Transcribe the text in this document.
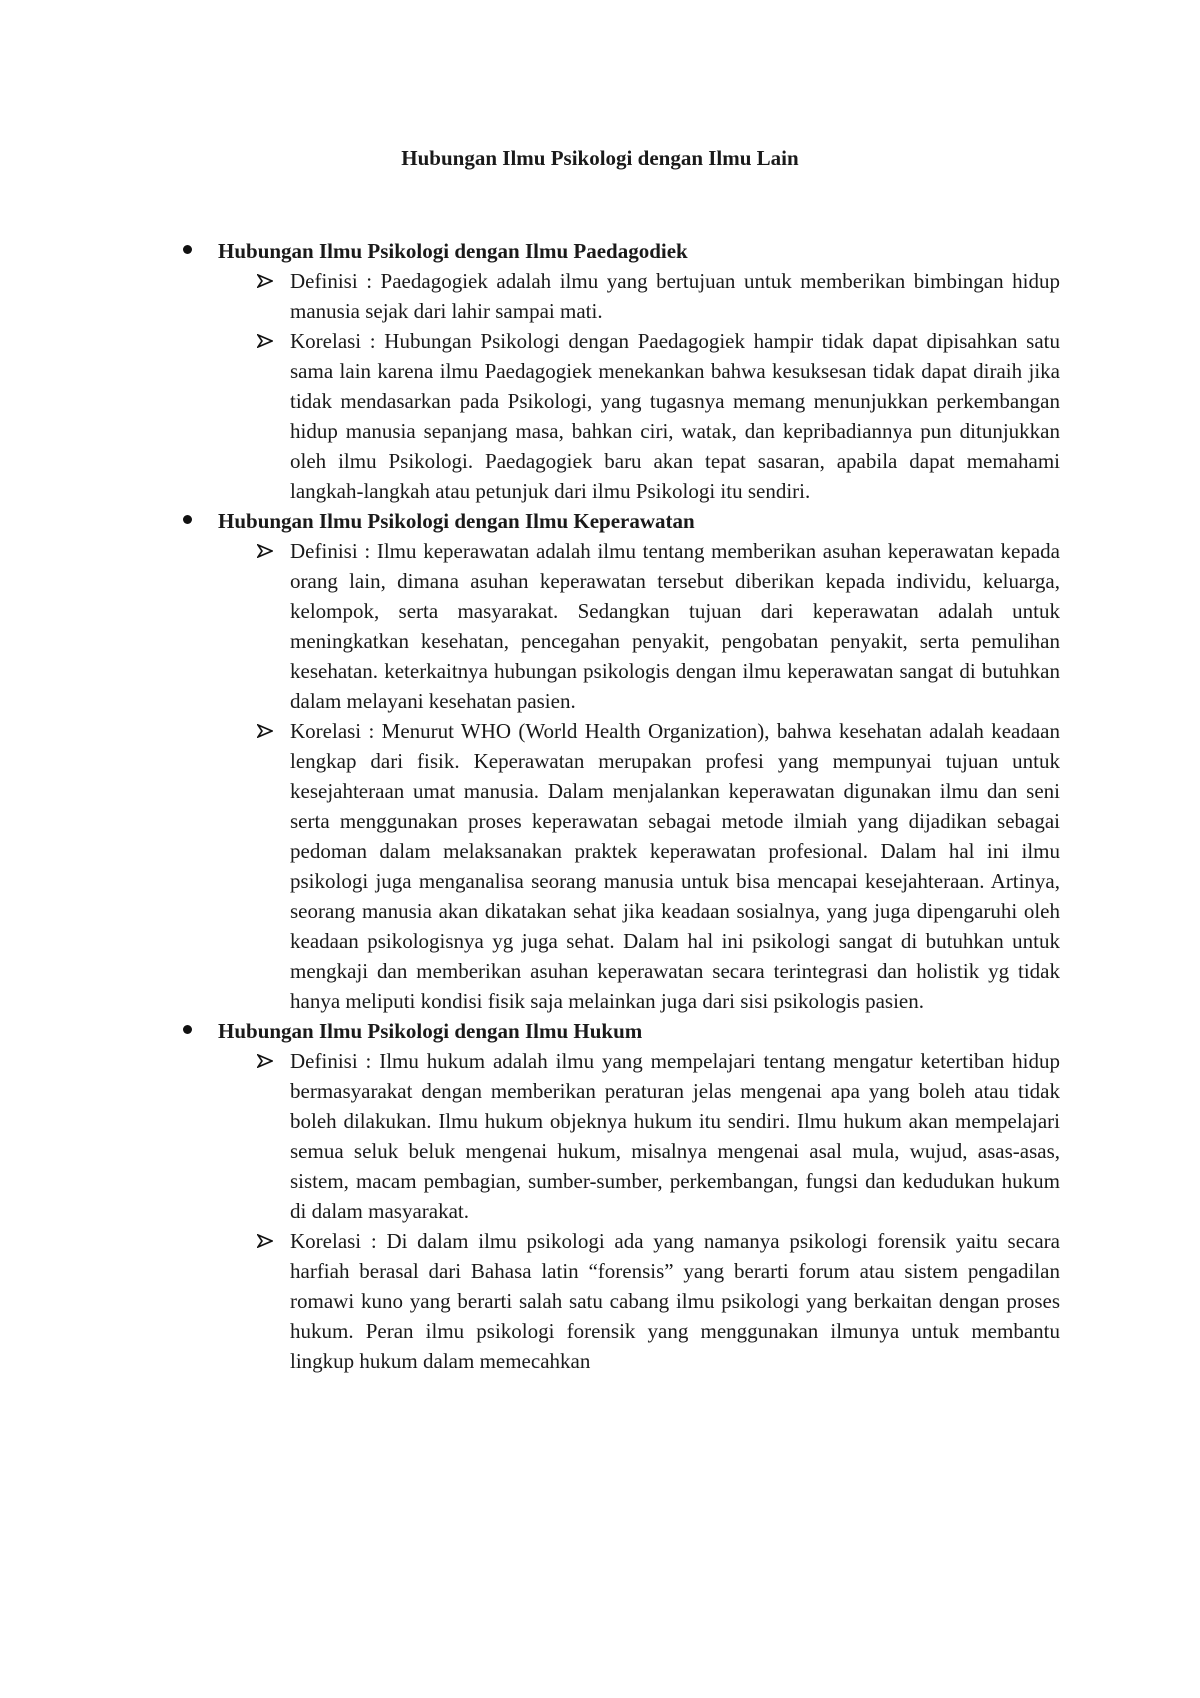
Hubungan Ilmu Psikologi dengan Ilmu Lain

Hubungan Ilmu Psikologi dengan Ilmu Paedagodiek

Definisi : Paedagogiek adalah ilmu yang bertujuan untuk memberikan bimbingan hidup manusia sejak dari lahir sampai mati.
Korelasi : Hubungan Psikologi dengan Paedagogiek hampir tidak dapat dipisahkan satu sama lain karena ilmu Paedagogiek menekankan bahwa kesuksesan tidak dapat diraih jika tidak mendasarkan pada Psikologi, yang tugasnya memang menunjukkan perkembangan hidup manusia sepanjang masa, bahkan ciri, watak, dan kepribadiannya pun ditunjukkan oleh ilmu Psikologi. Paedagogiek baru akan tepat sasaran, apabila dapat memahami langkah-langkah atau petunjuk dari ilmu Psikologi itu sendiri.

Hubungan Ilmu Psikologi dengan Ilmu Keperawatan

Definisi : Ilmu keperawatan adalah ilmu tentang memberikan asuhan keperawatan kepada orang lain, dimana asuhan keperawatan tersebut diberikan kepada individu, keluarga, kelompok, serta masyarakat. Sedangkan tujuan dari keperawatan adalah untuk meningkatkan kesehatan, pencegahan penyakit, pengobatan penyakit, serta pemulihan kesehatan. keterkaitnya hubungan psikologis dengan ilmu keperawatan sangat di butuhkan dalam melayani kesehatan pasien.
Korelasi : Menurut WHO (World Health Organization), bahwa kesehatan adalah keadaan lengkap dari fisik. Keperawatan merupakan profesi yang mempunyai tujuan untuk kesejahteraan umat manusia. Dalam menjalankan keperawatan digunakan ilmu dan seni serta menggunakan proses keperawatan sebagai metode ilmiah yang dijadikan sebagai pedoman dalam melaksanakan praktek keperawatan profesional. Dalam hal ini ilmu psikologi juga menganalisa seorang manusia untuk bisa mencapai kesejahteraan. Artinya, seorang manusia akan dikatakan sehat jika keadaan sosialnya, yang juga dipengaruhi oleh keadaan psikologisnya yg juga sehat. Dalam hal ini psikologi sangat di butuhkan untuk mengkaji dan memberikan asuhan keperawatan secara terintegrasi dan holistik yg tidak hanya meliputi kondisi fisik saja melainkan juga dari sisi psikologis pasien.

Hubungan Ilmu Psikologi dengan Ilmu Hukum

Definisi : Ilmu hukum adalah ilmu yang mempelajari tentang mengatur ketertiban hidup bermasyarakat dengan memberikan peraturan jelas mengenai apa yang boleh atau tidak boleh dilakukan. Ilmu hukum objeknya hukum itu sendiri. Ilmu hukum akan mempelajari semua seluk beluk mengenai hukum, misalnya mengenai asal mula, wujud, asas-asas, sistem, macam pembagian, sumber-sumber, perkembangan, fungsi dan kedudukan hukum di dalam masyarakat.
Korelasi : Di dalam ilmu psikologi ada yang namanya psikologi forensik yaitu secara harfiah berasal dari Bahasa latin “forensis” yang berarti forum atau sistem pengadilan romawi kuno yang berarti salah satu cabang ilmu psikologi yang berkaitan dengan proses hukum. Peran ilmu psikologi forensik yang menggunakan ilmunya untuk membantu lingkup hukum dalam memecahkan
